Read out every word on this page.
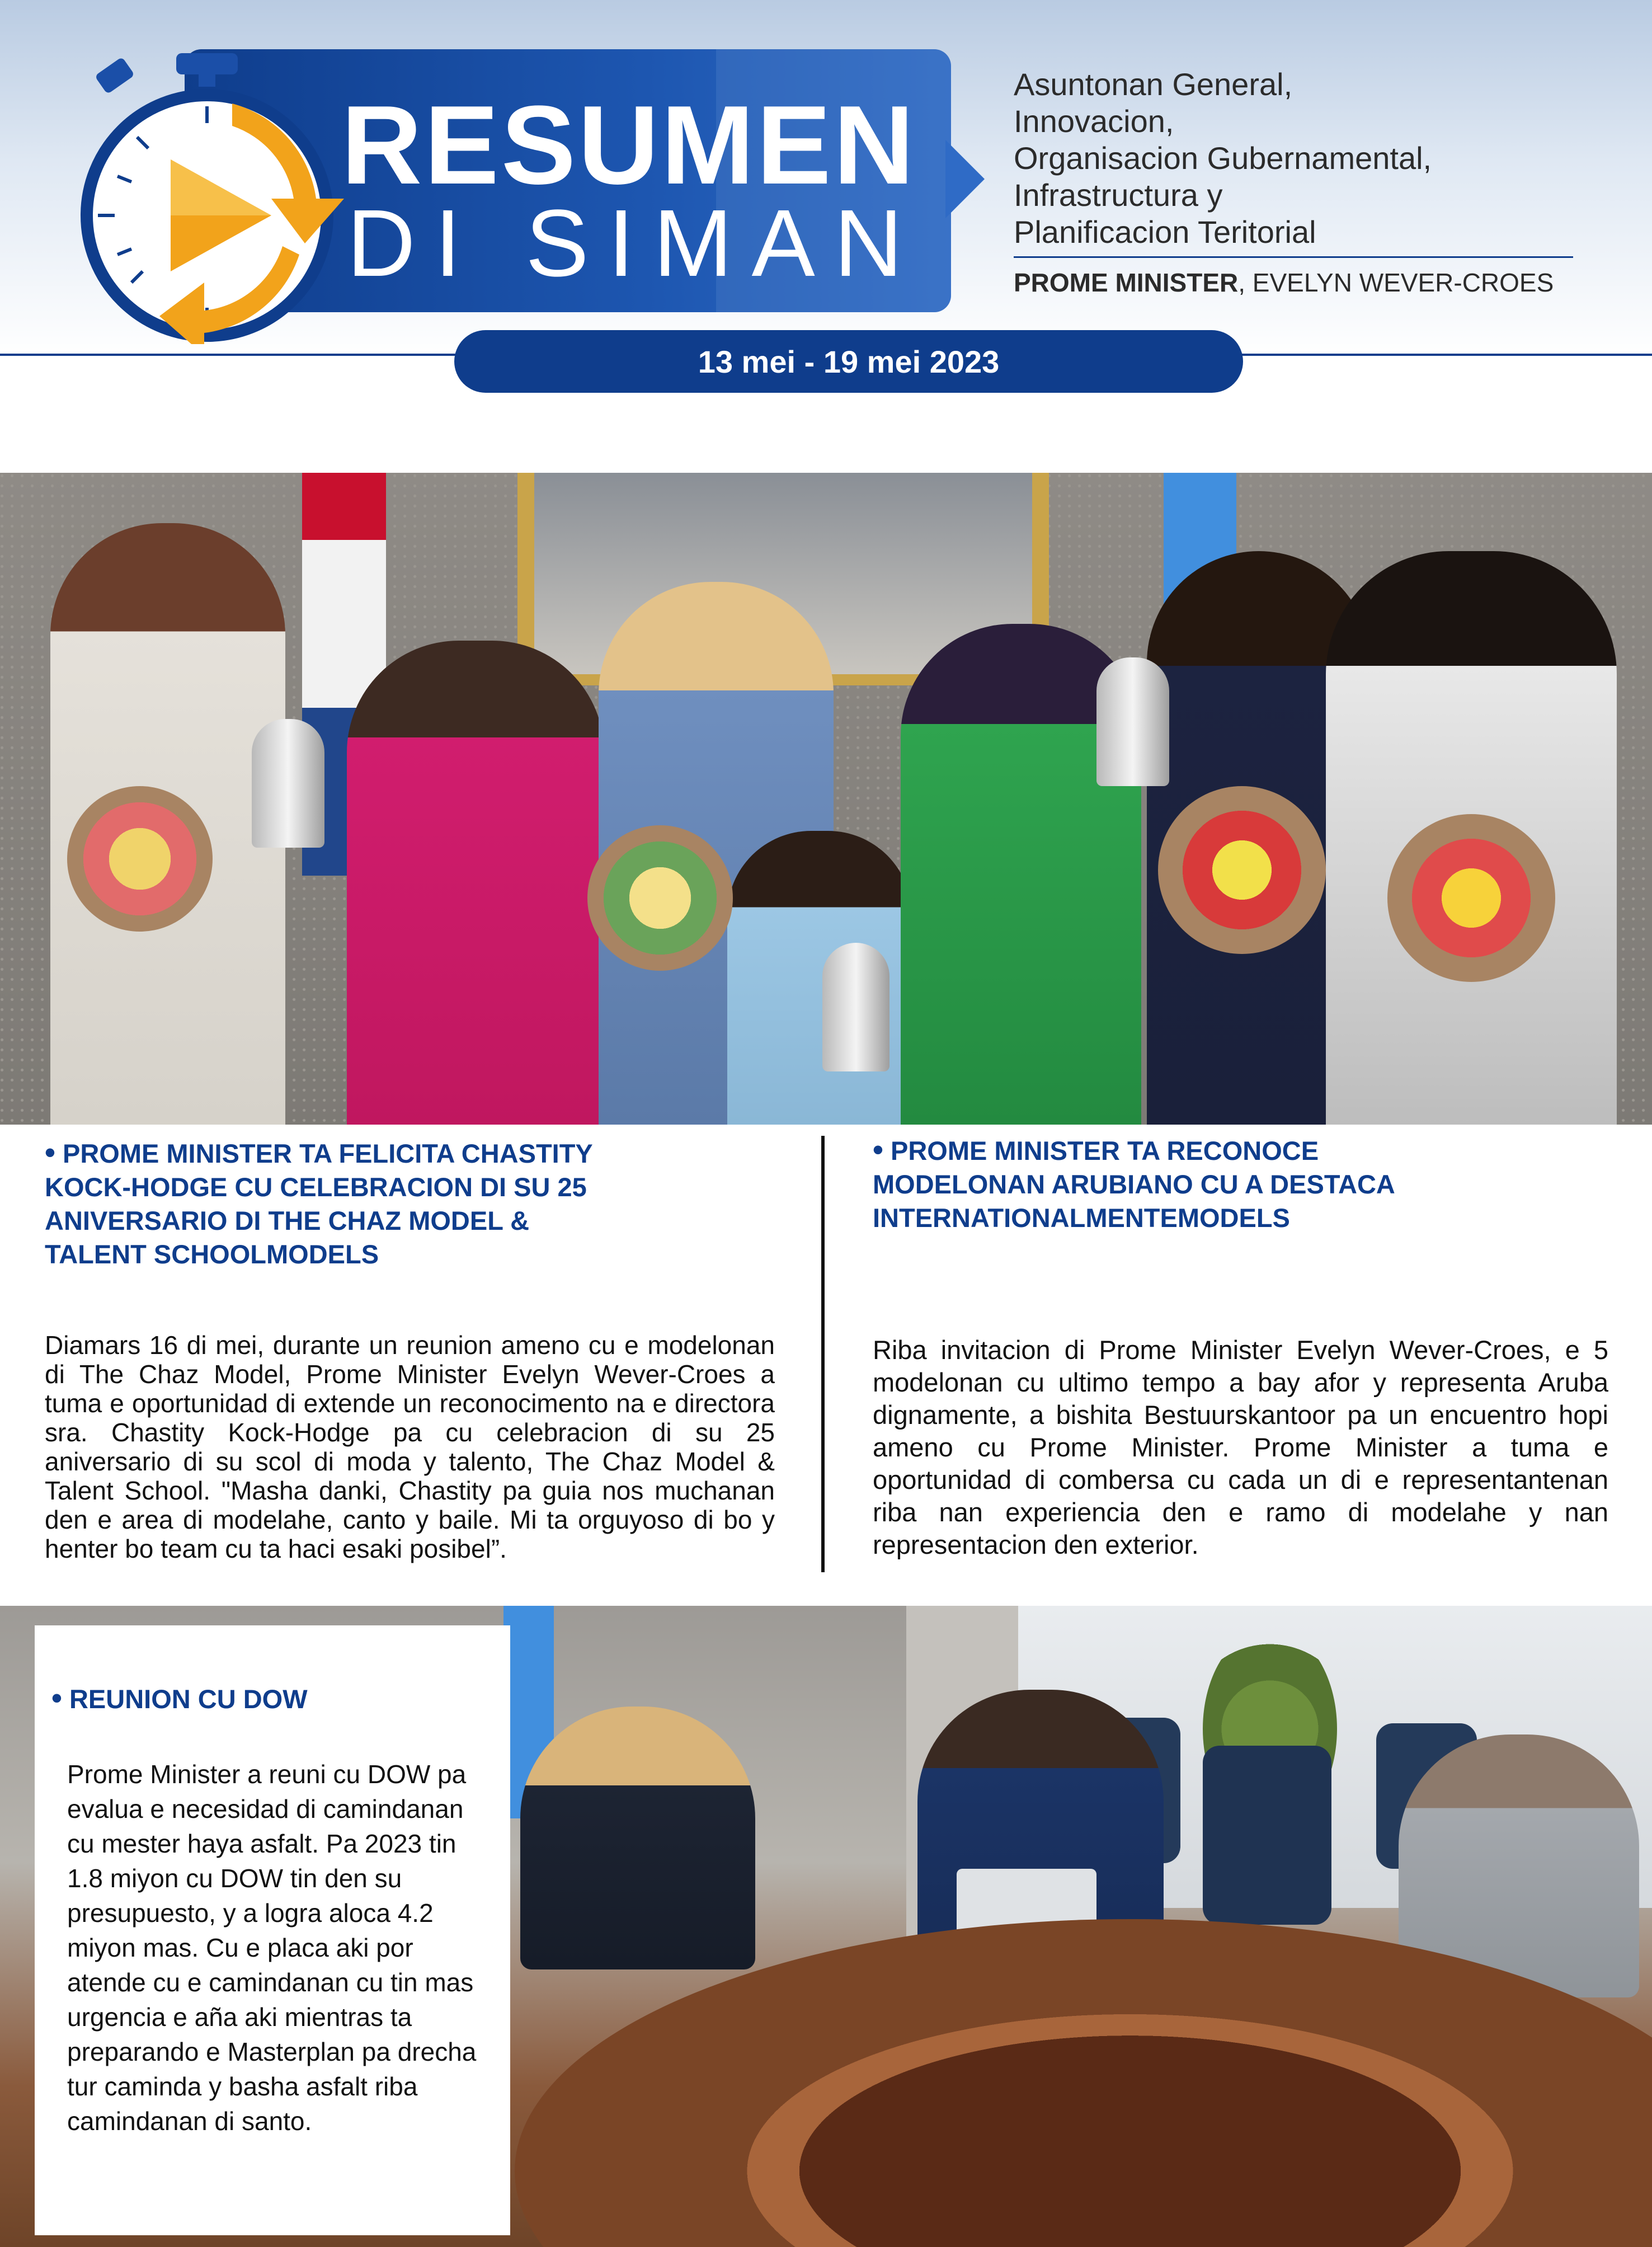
RESUMEN
DI SIMAN
Asuntonan General,
Innovacion,
Organisacion Gubernamental,
Infrastructura y
Planificacion Teritorial
PROME MINISTER, EVELYN WEVER-CROES
13 mei - 19 mei 2023
• PROME MINISTER TA FELICITA CHASTITY KOCK-HODGE CU CELEBRACION DI SU 25 ANIVERSARIO DI THE CHAZ MODEL & TALENT SCHOOLMODELS
Diamars 16 di mei, durante un reunion ameno cu e modelonan di The Chaz Model, Prome Minister Evelyn Wever-Croes a tuma e oportunidad di extende un reconocimento na e directora sra. Chastity Kock-Hodge pa cu celebracion di su 25 aniversario di su scol di moda y talento, The Chaz Model & Talent School. "Masha danki, Chastity pa guia nos muchanan den e area di modelahe, canto y baile. Mi ta orguyoso di bo y henter bo team cu ta haci esaki posibel”.
• PROME MINISTER TA RECONOCE MODELONAN ARUBIANO CU A DESTACA INTERNATIONALMENTEMODELS
Riba invitacion di Prome Minister Evelyn Wever-Croes, e 5 modelonan cu ultimo tempo a bay afor y representa Aruba dignamente, a bishita Bestuurskantoor pa un encuentro hopi ameno cu Prome Minister. Prome Minister a tuma e oportunidad di combersa cu cada un di e representantenan riba nan experiencia den e ramo di modelahe y nan representacion den exterior.
• REUNION CU DOW
Prome Minister a reuni cu DOW pa evalua e necesidad di camindanan cu mester haya asfalt. Pa 2023 tin 1.8 miyon cu DOW tin den su presupuesto, y a logra aloca 4.2 miyon mas. Cu e placa aki por atende cu e camindanan cu tin mas urgencia e aña aki mientras ta preparando e Masterplan pa drecha tur caminda y basha asfalt riba camindanan di santo.
